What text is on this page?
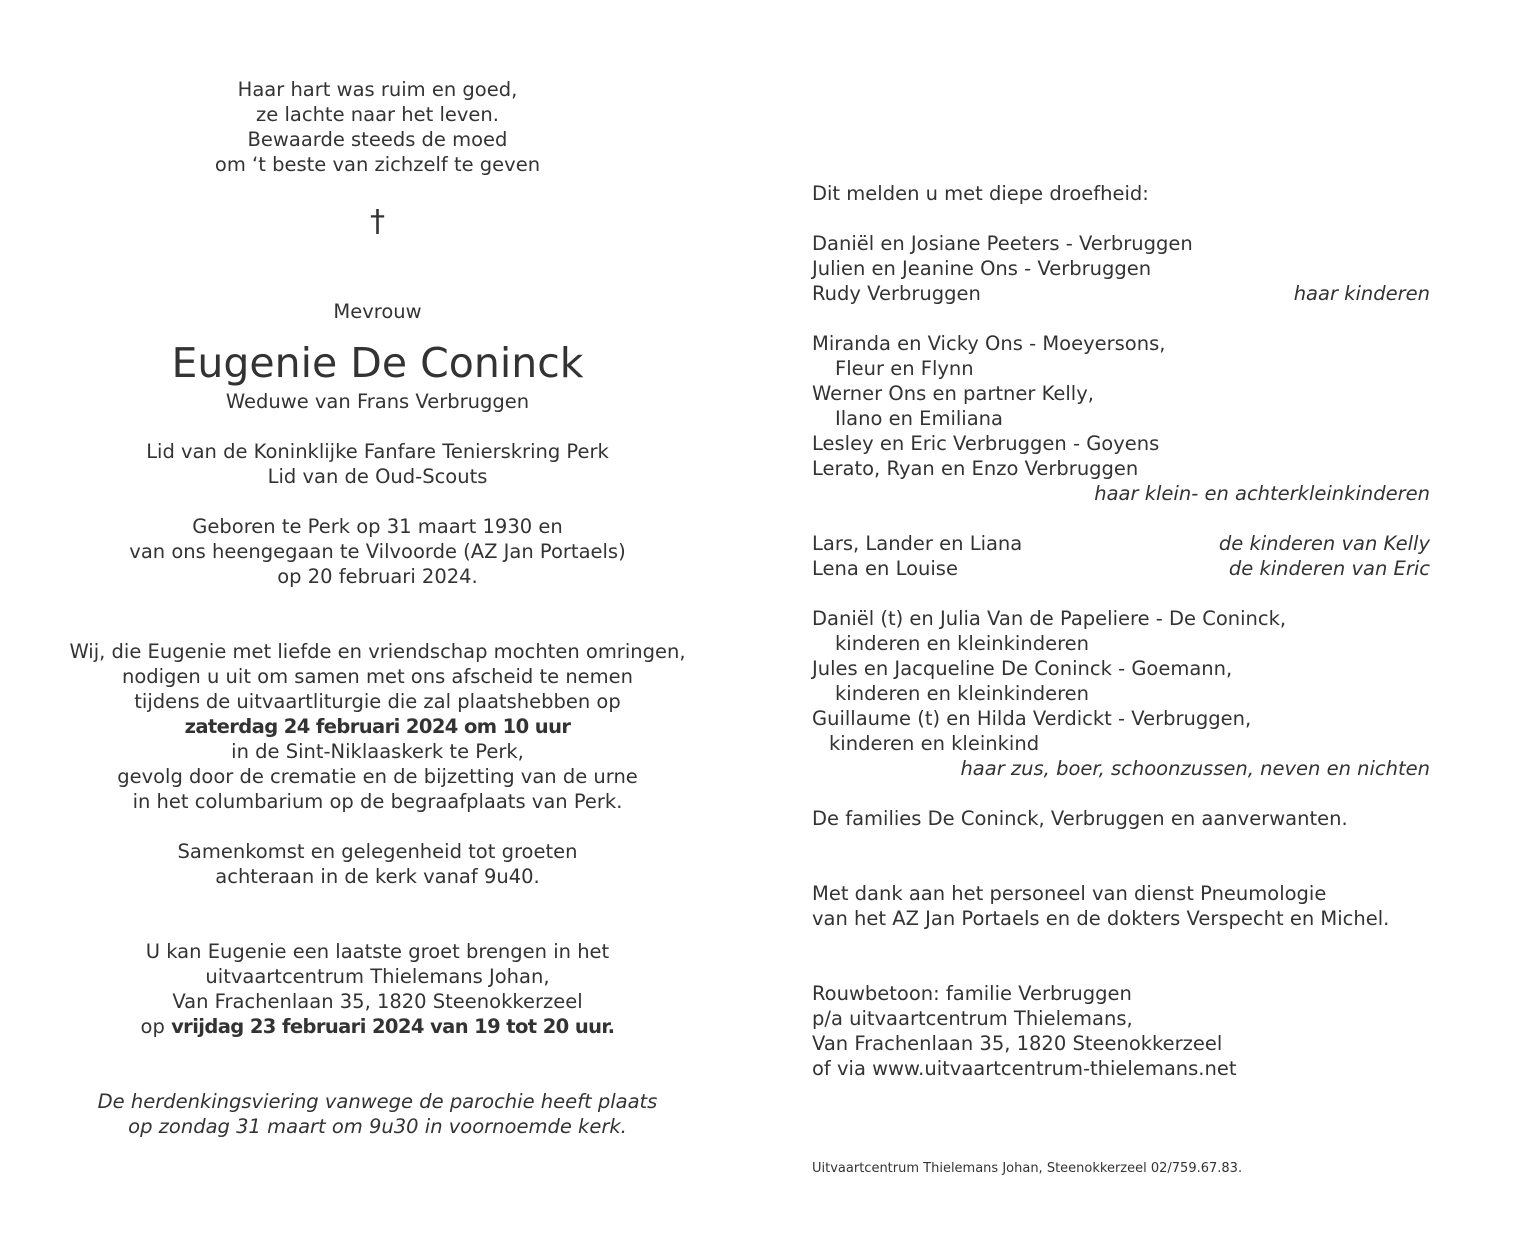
Haar hart was ruim en goed,
ze lachte naar het leven.
Bewaarde steeds de moed
om ‘t beste van zichzelf te geven
†
Mevrouw
Eugenie De Coninck
Weduwe van Frans Verbruggen
Lid van de Koninklijke Fanfare Tenierskring Perk
Lid van de Oud-Scouts
Geboren te Perk op 31 maart 1930 en
van ons heengegaan te Vilvoorde (AZ Jan Portaels)
op 20 februari 2024.
Wij, die Eugenie met liefde en vriendschap mochten omringen,
nodigen u uit om samen met ons afscheid te nemen
tijdens de uitvaartliturgie die zal plaatshebben op
zaterdag 24 februari 2024 om 10 uur
in de Sint-Niklaaskerk te Perk,
gevolg door de crematie en de bijzetting van de urne
in het columbarium op de begraafplaats van Perk.
Samenkomst en gelegenheid tot groeten
achteraan in de kerk vanaf 9u40.
U kan Eugenie een laatste groet brengen in het
uitvaartcentrum Thielemans Johan,
Van Frachenlaan 35, 1820 Steenokkerzeel
op vrijdag 23 februari 2024 van 19 tot 20 uur.
De herdenkingsviering vanwege de parochie heeft plaats
op zondag 31 maart om 9u30 in voornoemde kerk.
Dit melden u met diepe droefheid:
Daniël en Josiane Peeters - Verbruggen
Julien en Jeanine Ons - Verbruggen
Rudy Verbruggen	haar kinderen
Miranda en Vicky Ons - Moeyersons,
Fleur en Flynn
Werner Ons en partner Kelly,
Ilano en Emiliana
Lesley en Eric Verbruggen - Goyens
Lerato, Ryan en Enzo Verbruggen
haar klein- en achterkleinkinderen
Lars, Lander en Liana	de kinderen van Kelly
Lena en Louise	de kinderen van Eric
Daniël (t) en Julia Van de Papeliere - De Coninck,
kinderen en kleinkinderen
Jules en Jacqueline De Coninck - Goemann,
kinderen en kleinkinderen
Guillaume (t) en Hilda Verdickt - Verbruggen,
kinderen en kleinkind
haar zus, boer, schoonzussen, neven en nichten
De families De Coninck, Verbruggen en aanverwanten.
Met dank aan het personeel van dienst Pneumologie
van het AZ Jan Portaels en de dokters Verspecht en Michel.
Rouwbetoon: familie Verbruggen
p/a uitvaartcentrum Thielemans,
Van Frachenlaan 35, 1820 Steenokkerzeel
of via www.uitvaartcentrum-thielemans.net
Uitvaartcentrum Thielemans Johan, Steenokkerzeel 02/759.67.83.
